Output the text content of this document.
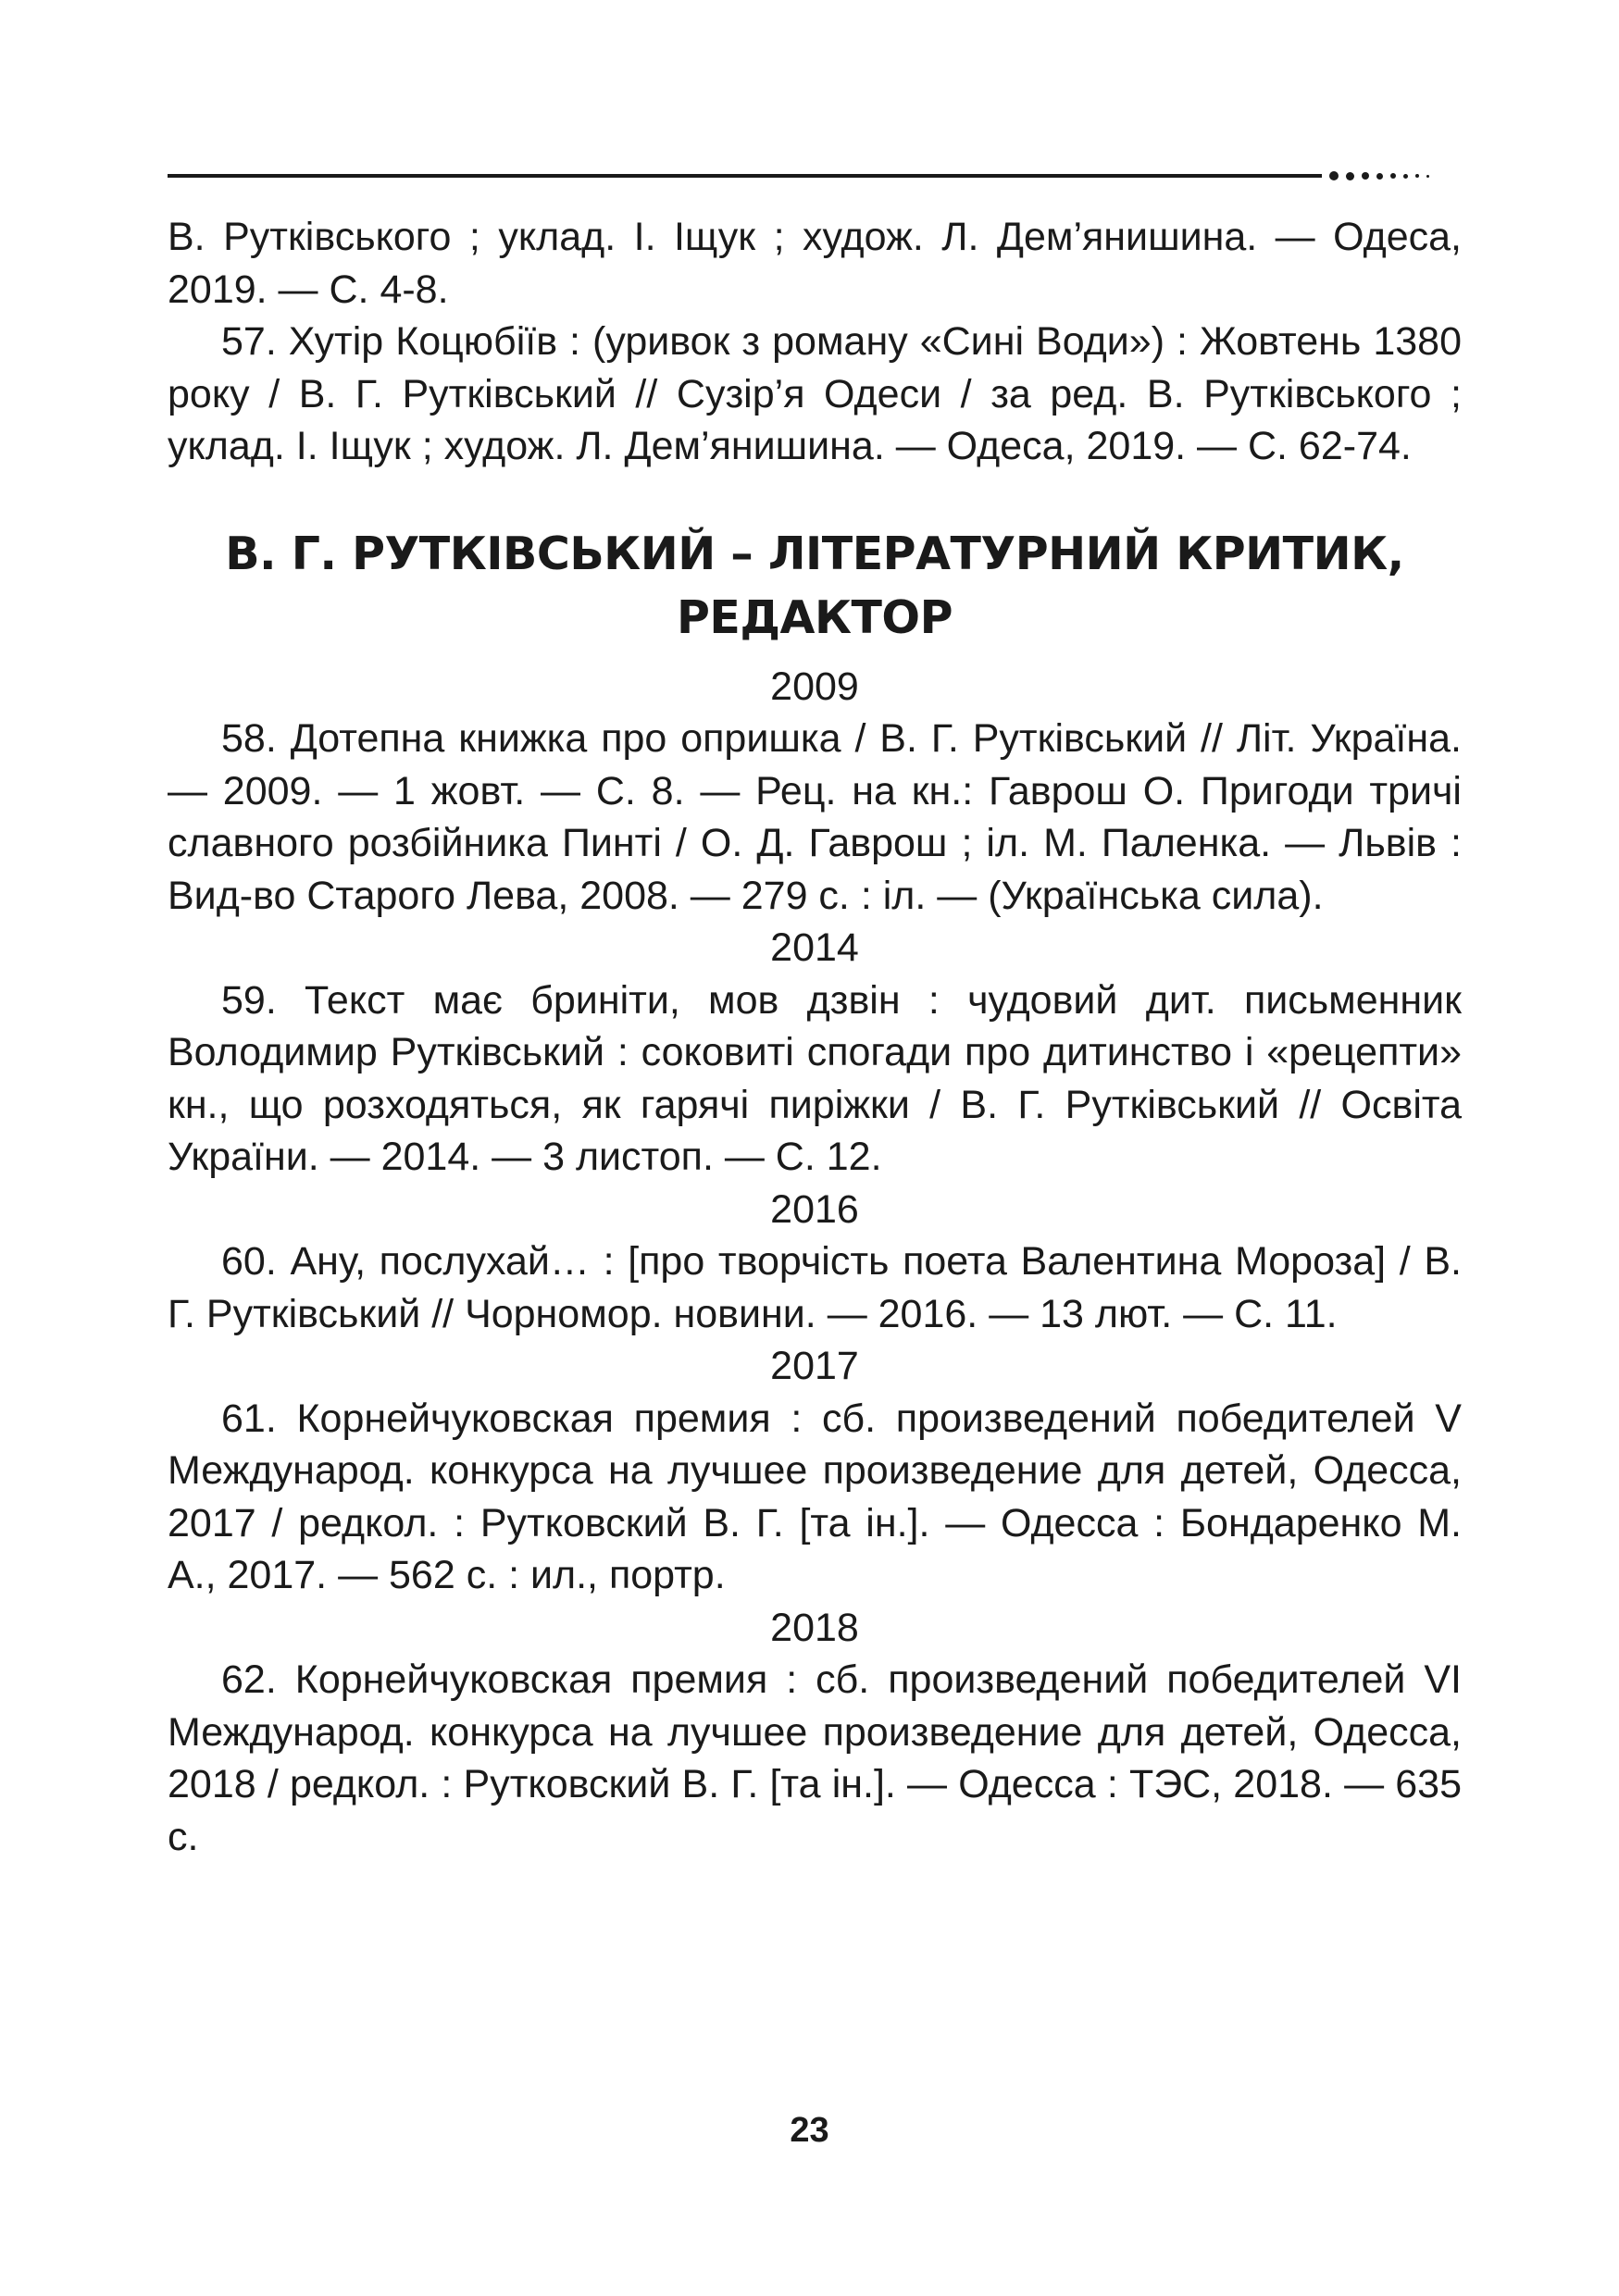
В. Рутківського ; уклад. І. Іщук ; худож. Л. Дем’янишина. — Одеса, 2019. — С. 4-8.

57. Хутір Коцюбіїв : (уривок з роману «Сині Води») : Жовтень 1380 року / В. Г. Рутківський // Сузір’я Одеси / за ред. В. Рутківського ; уклад. І. Іщук ; худож. Л. Дем’янишина. — Одеса, 2019. — С. 62-74.

В. Г. РУТКІВСЬКИЙ – ЛІТЕРАТУРНИЙ КРИТИК,
РЕДАКТОР

2009

58. Дотепна книжка про опришка / В. Г. Рутківський // Літ. Україна. — 2009. — 1 жовт. — С. 8. — Рец. на кн.: Гаврош О. Пригоди тричі славного розбійника Пинті / О. Д. Гаврош ; іл. М. Паленка. — Львів : Вид-во Старого Лева, 2008. — 279 с. : іл. — (Українська сила).

2014

59. Текст має бриніти, мов дзвін : чудовий дит. письменник Володимир Рутківський : соковиті спогади про дитинство і «рецепти» кн., що розходяться, як гарячі пиріжки / В. Г. Рутківський // Освіта України. — 2014. — 3 листоп. — С. 12.

2016

60. Ану, послухай… : [про творчість поета Валентина Мороза] / В. Г. Рутківський // Чорномор. новини. — 2016. — 13 лют. — С. 11.

2017

61. Корнейчуковская премия : сб. произведений победителей V Международ. конкурса на лучшее произведение для детей, Одесса, 2017 / редкол. : Рутковский В. Г. [та ін.]. — Одесса : Бондаренко М. А., 2017. — 562 с. : ил., портр.

2018

62. Корнейчуковская премия : сб. произведений победителей VI Международ. конкурса на лучшее произведение для детей, Одесса, 2018 / редкол. : Рутковский В. Г. [та ін.]. — Одесса : ТЭС, 2018. — 635 с.

23
